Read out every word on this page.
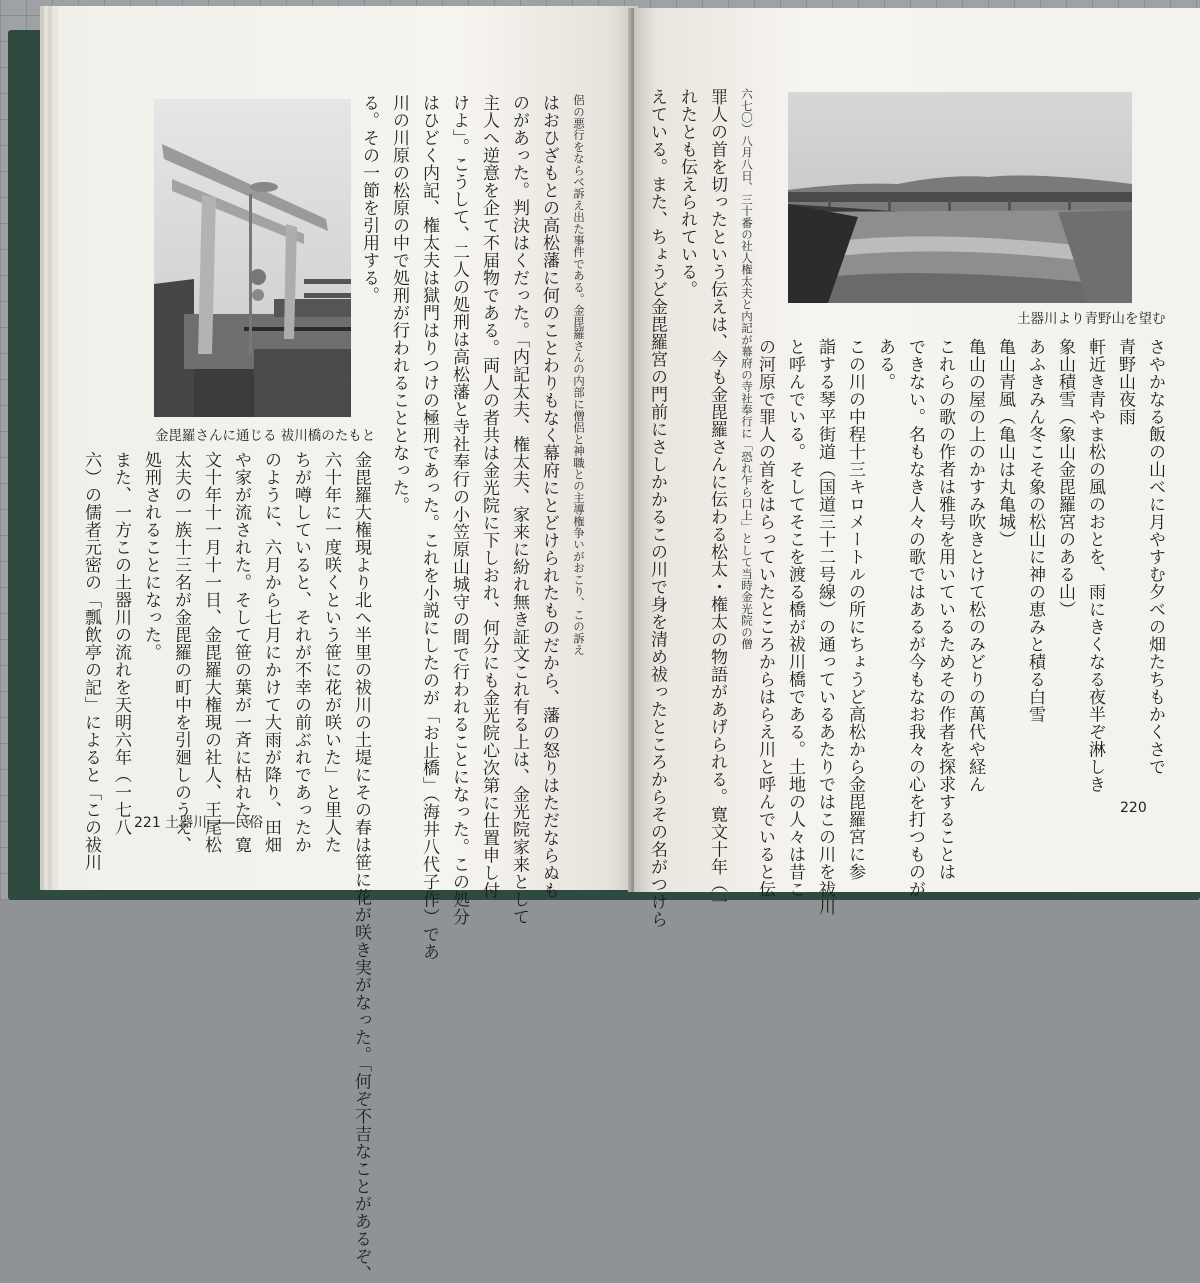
る。その一節を引用する。 川の川原の松原の中で処刑が行われることとなった。 はひどく内記、権太夫は獄門はりつけの極刑であった。これを小説にしたのが「お止橋」（海井八代子作）であ けよ」。こうして、二人の処刑は高松藩と寺社奉行の小笠原山城守の間で行われることになった。この処分 主人へ逆意を企て不届物である。両人の者共は金光院に下しおれ、何分にも金光院心次第に仕置申し付 のがあった。判決はくだった。「内記太夫、権太夫、家来に紛れ無き証文これ有る上は、金光院家来として はおひざもとの高松藩に何のことわりもなく幕府にとどけられたものだから、藩の怒りはただならぬも	侶の悪行をならべ訴え出た事件である。金毘羅さんの内部に僧侶と神職との主導権争いがおこり、この訴え
六）の儒者元密の「瓢飲亭の記」によると「この祓川 また、一方この土器川の流れを天明六年（一七八 処刑されることになった。 太夫の一族十三名が金毘羅の町中を引廻しのうえ、 文十年十一月十一日、金毘羅大権現の社人、王尾松 や家が流された。そして笹の葉が一斉に枯れた。寛 のように、六月から七月にかけて大雨が降り、田畑 ちが噂していると、それが不幸の前ぶれであったか 六十年に一度咲くという笹に花が咲いた」と里人た 金毘羅大権現より北へ半里の祓川の土堤にその春は笹に花が咲き実がなった。「何ぞ不吉なことがあるぞ、
金毘羅さんに通じる 祓川橋のたもと
221 土器川――民俗	えている。また、ちょうど金毘羅宮の門前にさしかかるこの川で身を清め祓ったところからその名がつけら れたとも伝えられている。 罪人の首を切ったという伝えは、今も金毘羅さんに伝わる松太・権太の物語があげられる。寛文十年（一	六七〇）八月八日、三十番の社人権太夫と内記が幕府の寺社奉行に「恐れ乍ら口上」として当時金光院の僧 の河原で罪人の首をはらっていたところからはらえ川と呼んでいると伝 と呼んでいる。そしてそこを渡る橋が祓川橋である。土地の人々は昔こ 詣する琴平街道（国道三十二号線）の通っているあたりではこの川を祓川 この川の中程十三キロメートルの所にちょうど高松から金毘羅宮に参 ある。 できない。名もなき人々の歌ではあるが今もなお我々の心を打つものが これらの歌の作者は雅号を用いているためその作者を探求することは 亀山の屋の上のかすみ吹きとけて松のみどりの萬代や経ん 亀山青風（亀山は丸亀城） あふきみん冬こそ象の松山に神の恵みと積る白雪 象山積雪（象山金毘羅宮のある山） 軒近き青やま松の風のおとを、雨にきくなる夜半ぞ淋しき 青野山夜雨 さやかなる飯の山べに月やすむ夕べの畑たちもかくさで
土器川より青野山を望む
220
